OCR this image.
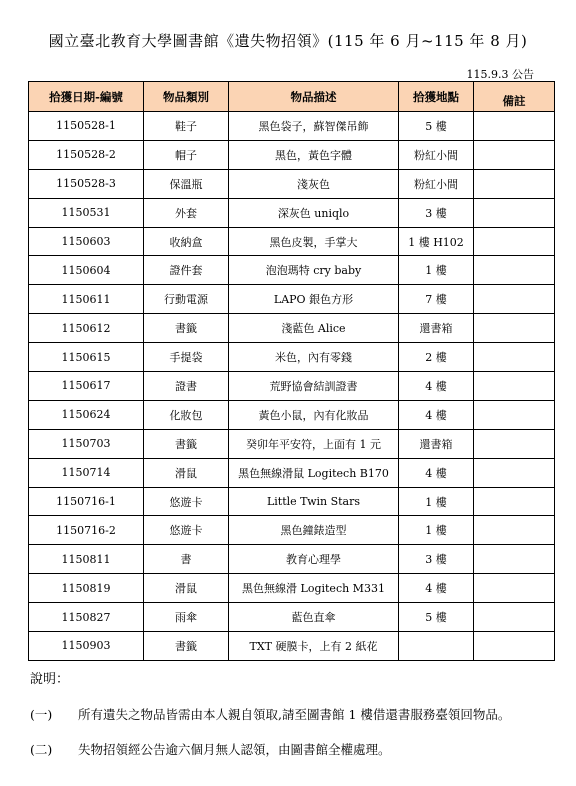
國立臺北教育大學圖書館《遺失物招領》(115 年 6 月~115 年 8 月)
115.9.3 公告
拾獲日期-編號	物品類別	物品描述	拾獲地點	備註
1150528-1	鞋子	黑色袋子，蘇智傑吊飾	5 樓	
1150528-2	帽子	黑色，黃色字體	粉紅小間	
1150528-3	保溫瓶	淺灰色	粉紅小間	
1150531	外套	深灰色 uniqlo	3 樓	
1150603	收納盒	黑色皮製，手掌大	1 樓 H102	
1150604	證件套	泡泡瑪特 cry baby	1 樓	
1150611	行動電源	LAPO 銀色方形	7 樓	
1150612	書籤	淺藍色 Alice	還書箱	
1150615	手提袋	米色，內有零錢	2 樓	
1150617	證書	荒野協會結訓證書	4 樓	
1150624	化妝包	黃色小鼠，內有化妝品	4 樓	
1150703	書籤	癸卯年平安符，上面有 1 元	還書箱	
1150714	滑鼠	黑色無線滑鼠 Logitech B170	4 樓	
1150716-1	悠遊卡	Little Twin Stars	1 樓	
1150716-2	悠遊卡	黑色鐘錶造型	1 樓	
1150811	書	教育心理學	3 樓	
1150819	滑鼠	黑色無線滑 Logitech M331	4 樓	
1150827	雨傘	藍色直傘	5 樓	
1150903	書籤	TXT 硬膜卡，上有 2 紙花		
說明：
(一) 所有遺失之物品皆需由本人親自領取,請至圖書館 1 樓借還書服務臺領回物品。
(二) 失物招領經公告逾六個月無人認領，由圖書館全權處理。
